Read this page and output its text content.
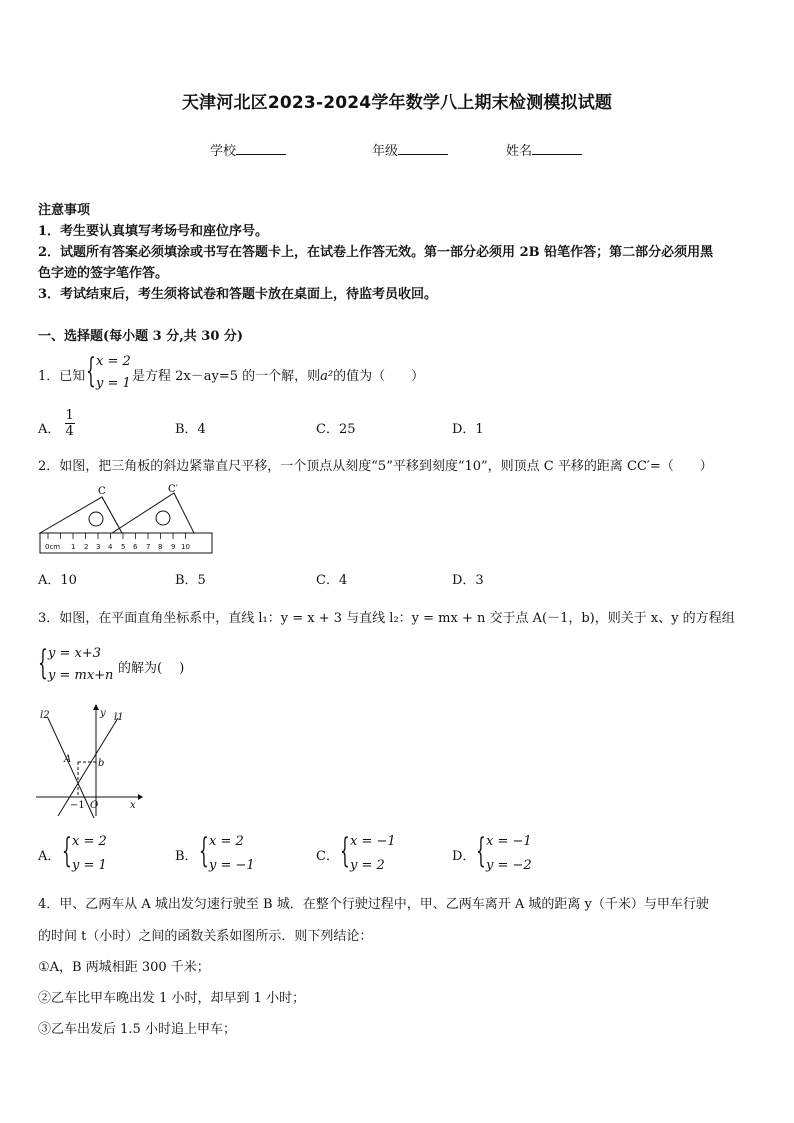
天津河北区2023-2024学年数学八上期末检测模拟试题
学校	年级	姓名
注意事项
1．考生要认真填写考场号和座位序号。
2．试题所有答案必须填涂或书写在答题卡上，在试卷上作答无效。第一部分必须用 2B 铅笔作答；第二部分必须用黑
色字迹的签字笔作答。
3．考试结束后，考生须将试卷和答题卡放在桌面上，待监考员收回。
一、选择题(每小题 3 分,共 30 分)
1．已知 { x = 2
y = 1 是方程 2x－ay=5 的一个解，则a²的值为（　　）
A． $\frac{1}{4}$	B．4	C．25	D．1
2．如图，把三角板的斜边紧靠直尺平移，一个顶点从刻度“5”平移到刻度“10”，则顶点 C 平移的距离 CC′=（　　）
C	C′
0cm 1 2 3 4 5 6 7 8 9 10
A．10	B．5	C．4	D．3
3．如图，在平面直角坐标系中，直线 l₁：y = x + 3 与直线 l₂：y = mx + n 交于点 A(－1，b)，则关于 x、y 的方程组
{ y = x+3
y = mx+n 的解为(　 )
l2	l1
y
x
A	b
−1 O
A． { x = 2
y = 1
B． { x = 2
y = −1
C． { x = −1
y = 2
D． { x = −1
y = −2
4．甲、乙两车从 A 城出发匀速行驶至 B 城．在整个行驶过程中，甲、乙两车离开 A 城的距离 y（千米）与甲车行驶
的时间 t（小时）之间的函数关系如图所示．则下列结论：
①A，B 两城相距 300 千米；
②乙车比甲车晚出发 1 小时，却早到 1 小时；
③乙车出发后 1.5 小时追上甲车；
